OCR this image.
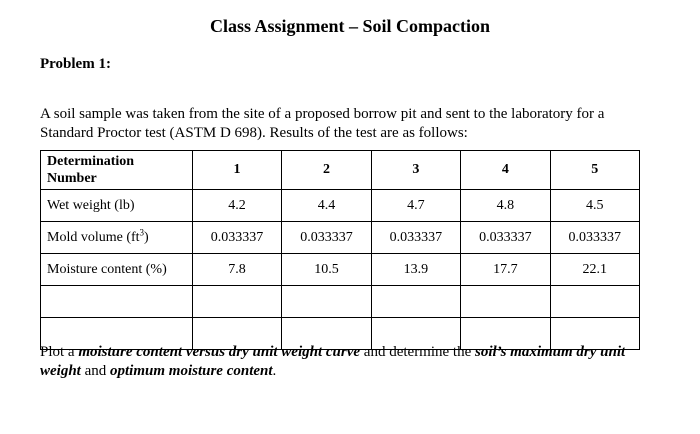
Class Assignment – Soil Compaction
Problem 1:
A soil sample was taken from the site of a proposed borrow pit and sent to the laboratory for a Standard Proctor test (ASTM D 698). Results of the test are as follows:
Determination Number	1	2	3	4	5
Wet weight (lb)	4.2	4.4	4.7	4.8	4.5
Mold volume $(ft^3)$	0.033337	0.033337	0.033337	0.033337	0.033337
Moisture content (%)	7.8	10.5	13.9	17.7	22.1

Plot a moisture content versus dry unit weight curve and determine the soil’s maximum dry unit weight and optimum moisture content.
